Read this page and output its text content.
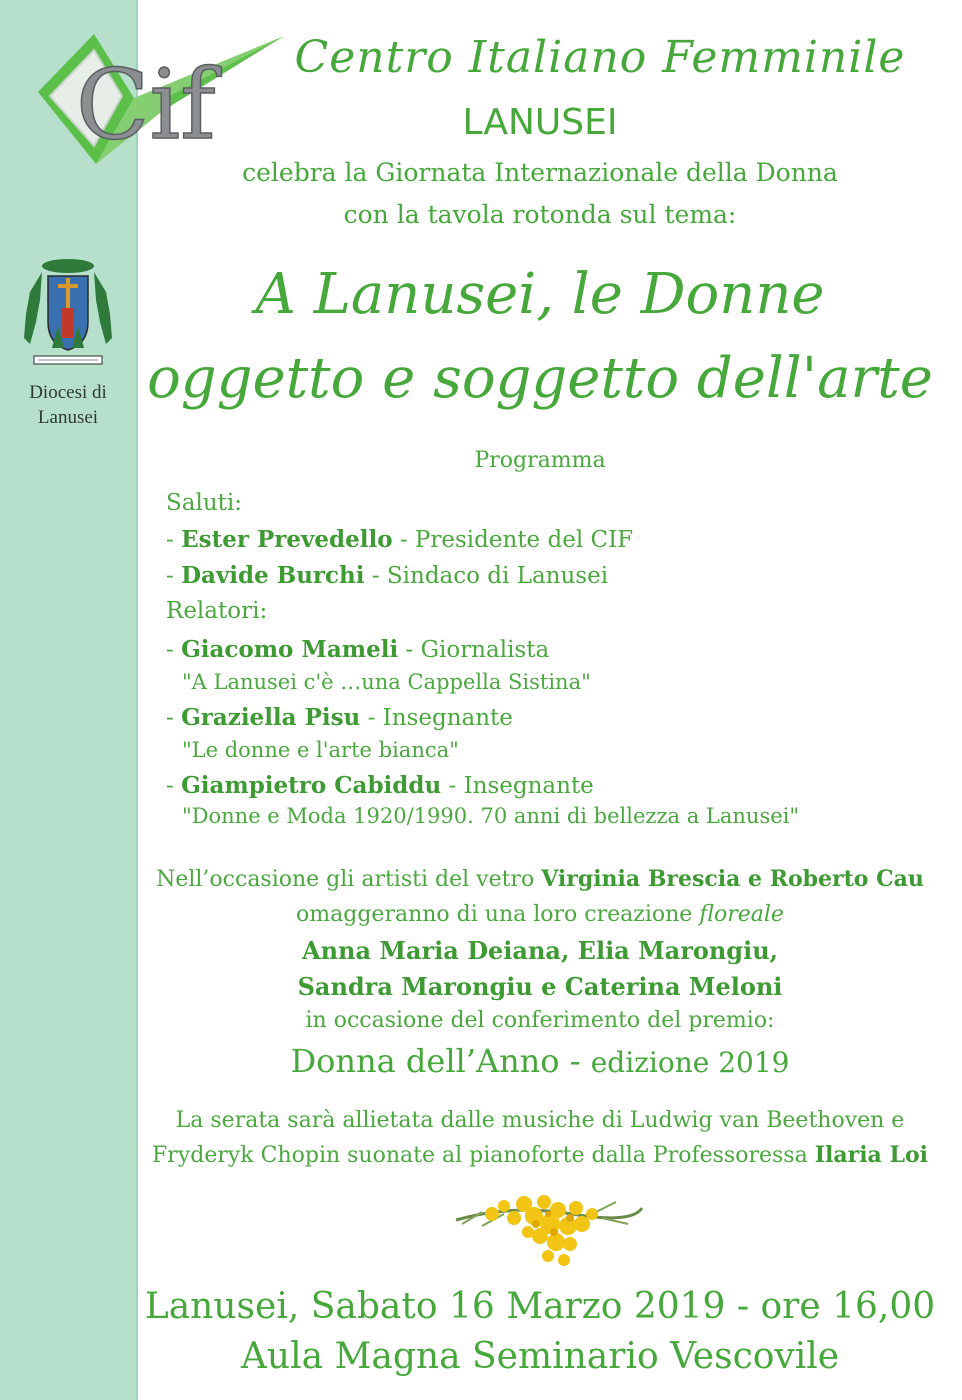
Cif
Diocesi di
Lanusei
Centro Italiano Femminile
LANUSEI
celebra la Giornata Internazionale della Donna
con la tavola rotonda sul tema:
A Lanusei, le Donne
oggetto e soggetto dell'arte
Programma
Saluti:
- Ester Prevedello - Presidente del CIF
- Davide Burchi - Sindaco di Lanusei
Relatori:
- Giacomo Mameli - Giornalista
"A Lanusei c'è …una Cappella Sistina"
- Graziella Pisu - Insegnante
"Le donne e l'arte bianca"
- Giampietro Cabiddu - Insegnante
"Donne e Moda 1920/1990. 70 anni di bellezza a Lanusei"
Nell’occasione gli artisti del vetro Virginia Brescia e Roberto Cau
omaggeranno di una loro creazione floreale
Anna Maria Deiana, Elia Marongiu,
Sandra Marongiu e Caterina Meloni
in occasione del conferimento del premio:
Donna dell’Anno - edizione 2019
La serata sarà allietata dalle musiche di Ludwig van Beethoven e
Fryderyk Chopin suonate al pianoforte dalla Professoressa Ilaria Loi
Lanusei, Sabato 16 Marzo 2019 - ore 16,00
Aula Magna Seminario Vescovile
